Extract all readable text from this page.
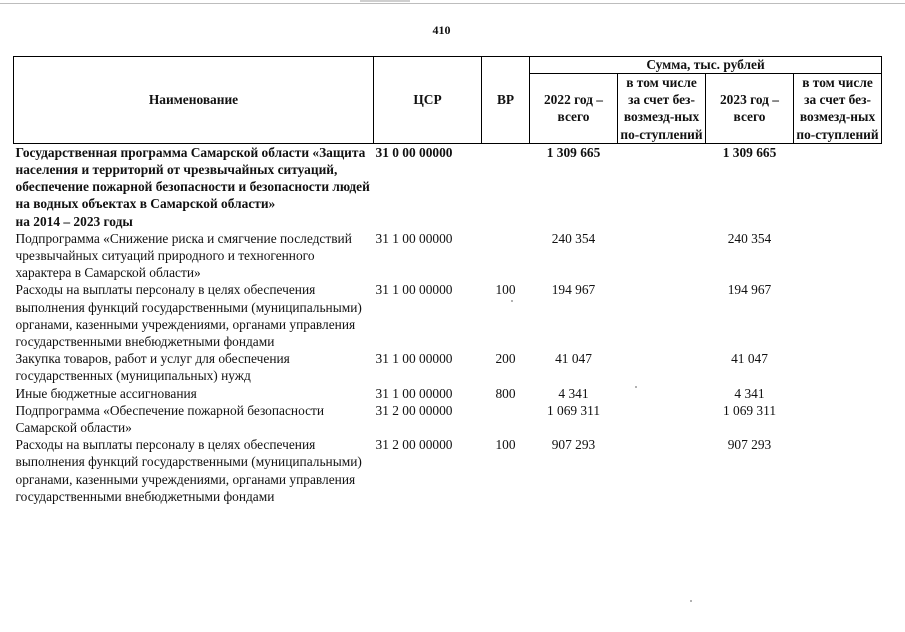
410
Наименование	ЦСР	ВР	Сумма, тыс. рублей			
			2022 год – всего	в том числе за счет без-возмезд-ных по-ступлений	2023 год – всего	в том числе за счет без-возмезд-ных по-ступлений
Государственная программа Самарской области «Защита населения и территорий от чрезвычайных ситуаций, обеспечение пожарной безопасности и безопасности людей на водных объектах в Самарской области»
на 2014 – 2023 годы	31 0 00 00000		1 309 665		1 309 665	
Подпрограмма «Снижение риска и смягчение последствий чрезвычайных ситуаций природного и техногенного характера в Самарской области»	31 1 00 00000		240 354		240 354	
Расходы на выплаты персоналу в целях обеспечения выполнения функций государственными (муниципальными) органами, казенными учреждениями, органами управления государственными внебюджетными фондами	31 1 00 00000	100	194 967		194 967	
Закупка товаров, работ и услуг для обеспечения государственных (муниципальных) нужд	31 1 00 00000	200	41 047		41 047	
Иные бюджетные ассигнования	31 1 00 00000	800	4 341		4 341	
Подпрограмма «Обеспечение пожарной безопасности Самарской области»	31 2 00 00000		1 069 311		1 069 311	
Расходы на выплаты персоналу в целях обеспечения выполнения функций государственными (муниципальными) органами, казенными учреждениями, органами управления государственными внебюджетными фондами	31 2 00 00000	100	907 293		907 293	
